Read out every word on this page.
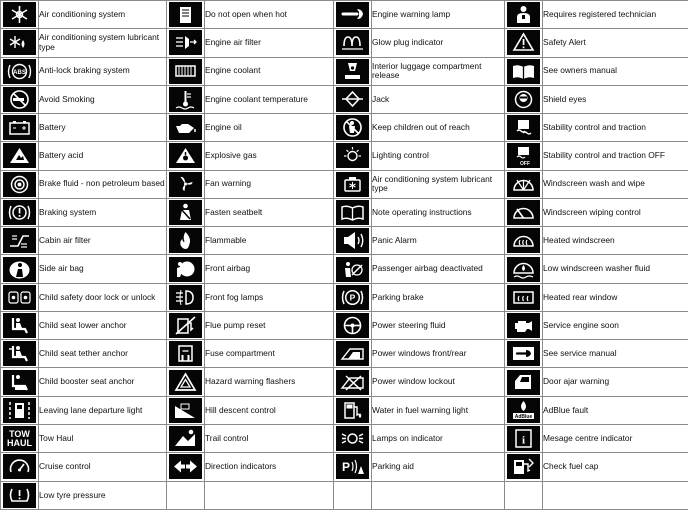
	Air conditioning system		Do not open when hot		Engine warning lamp		Requires registered technician

	Air conditioning system lubricant type		Engine air filter		Glow plug indicator		Safety Alert

ABS	Anti-lock braking system		Engine coolant		Interior luggage compartment release		See owners manual

	Avoid Smoking		Engine coolant temperature		Jack		Shield eyes

	Battery		Engine oil		Keep children out of reach		Stability control and traction

	Battery acid		Explosive gas		Lighting control	OFF	Stability control and traction OFF

	Brake fluid - non petroleum based		Fan warning		Air conditioning system lubricant type		Windscreen wash and wipe

	Braking system		Fasten seatbelt		Note operating instructions		Windscreen wiping control

	Cabin air filter		Flammable		Panic Alarm		Heated windscreen

	Side air bag		Front airbag		Passenger airbag deactivated		Low windscreen washer fluid

	Child safety door lock or unlock		Front fog lamps	P	Parking brake		Heated rear window

	Child seat lower anchor		Flue pump reset		Power steering fluid		Service engine soon

	Child seat tether anchor		Fuse compartment		Power windows front/rear		See service manual

	Child booster seat anchor		Hazard warning flashers		Power window lockout		Door ajar warning

	Leaving lane departure light		Hill descent control		Water in fuel warning light	AdBlue	AdBlue fault

TOW
HAUL	Tow Haul		Trail control		Lamps on indicator	i	Mesage centre indicator

	Cruise control		Direction indicators	P	Parking aid		Check fuel cap

	Low tyre pressure						
